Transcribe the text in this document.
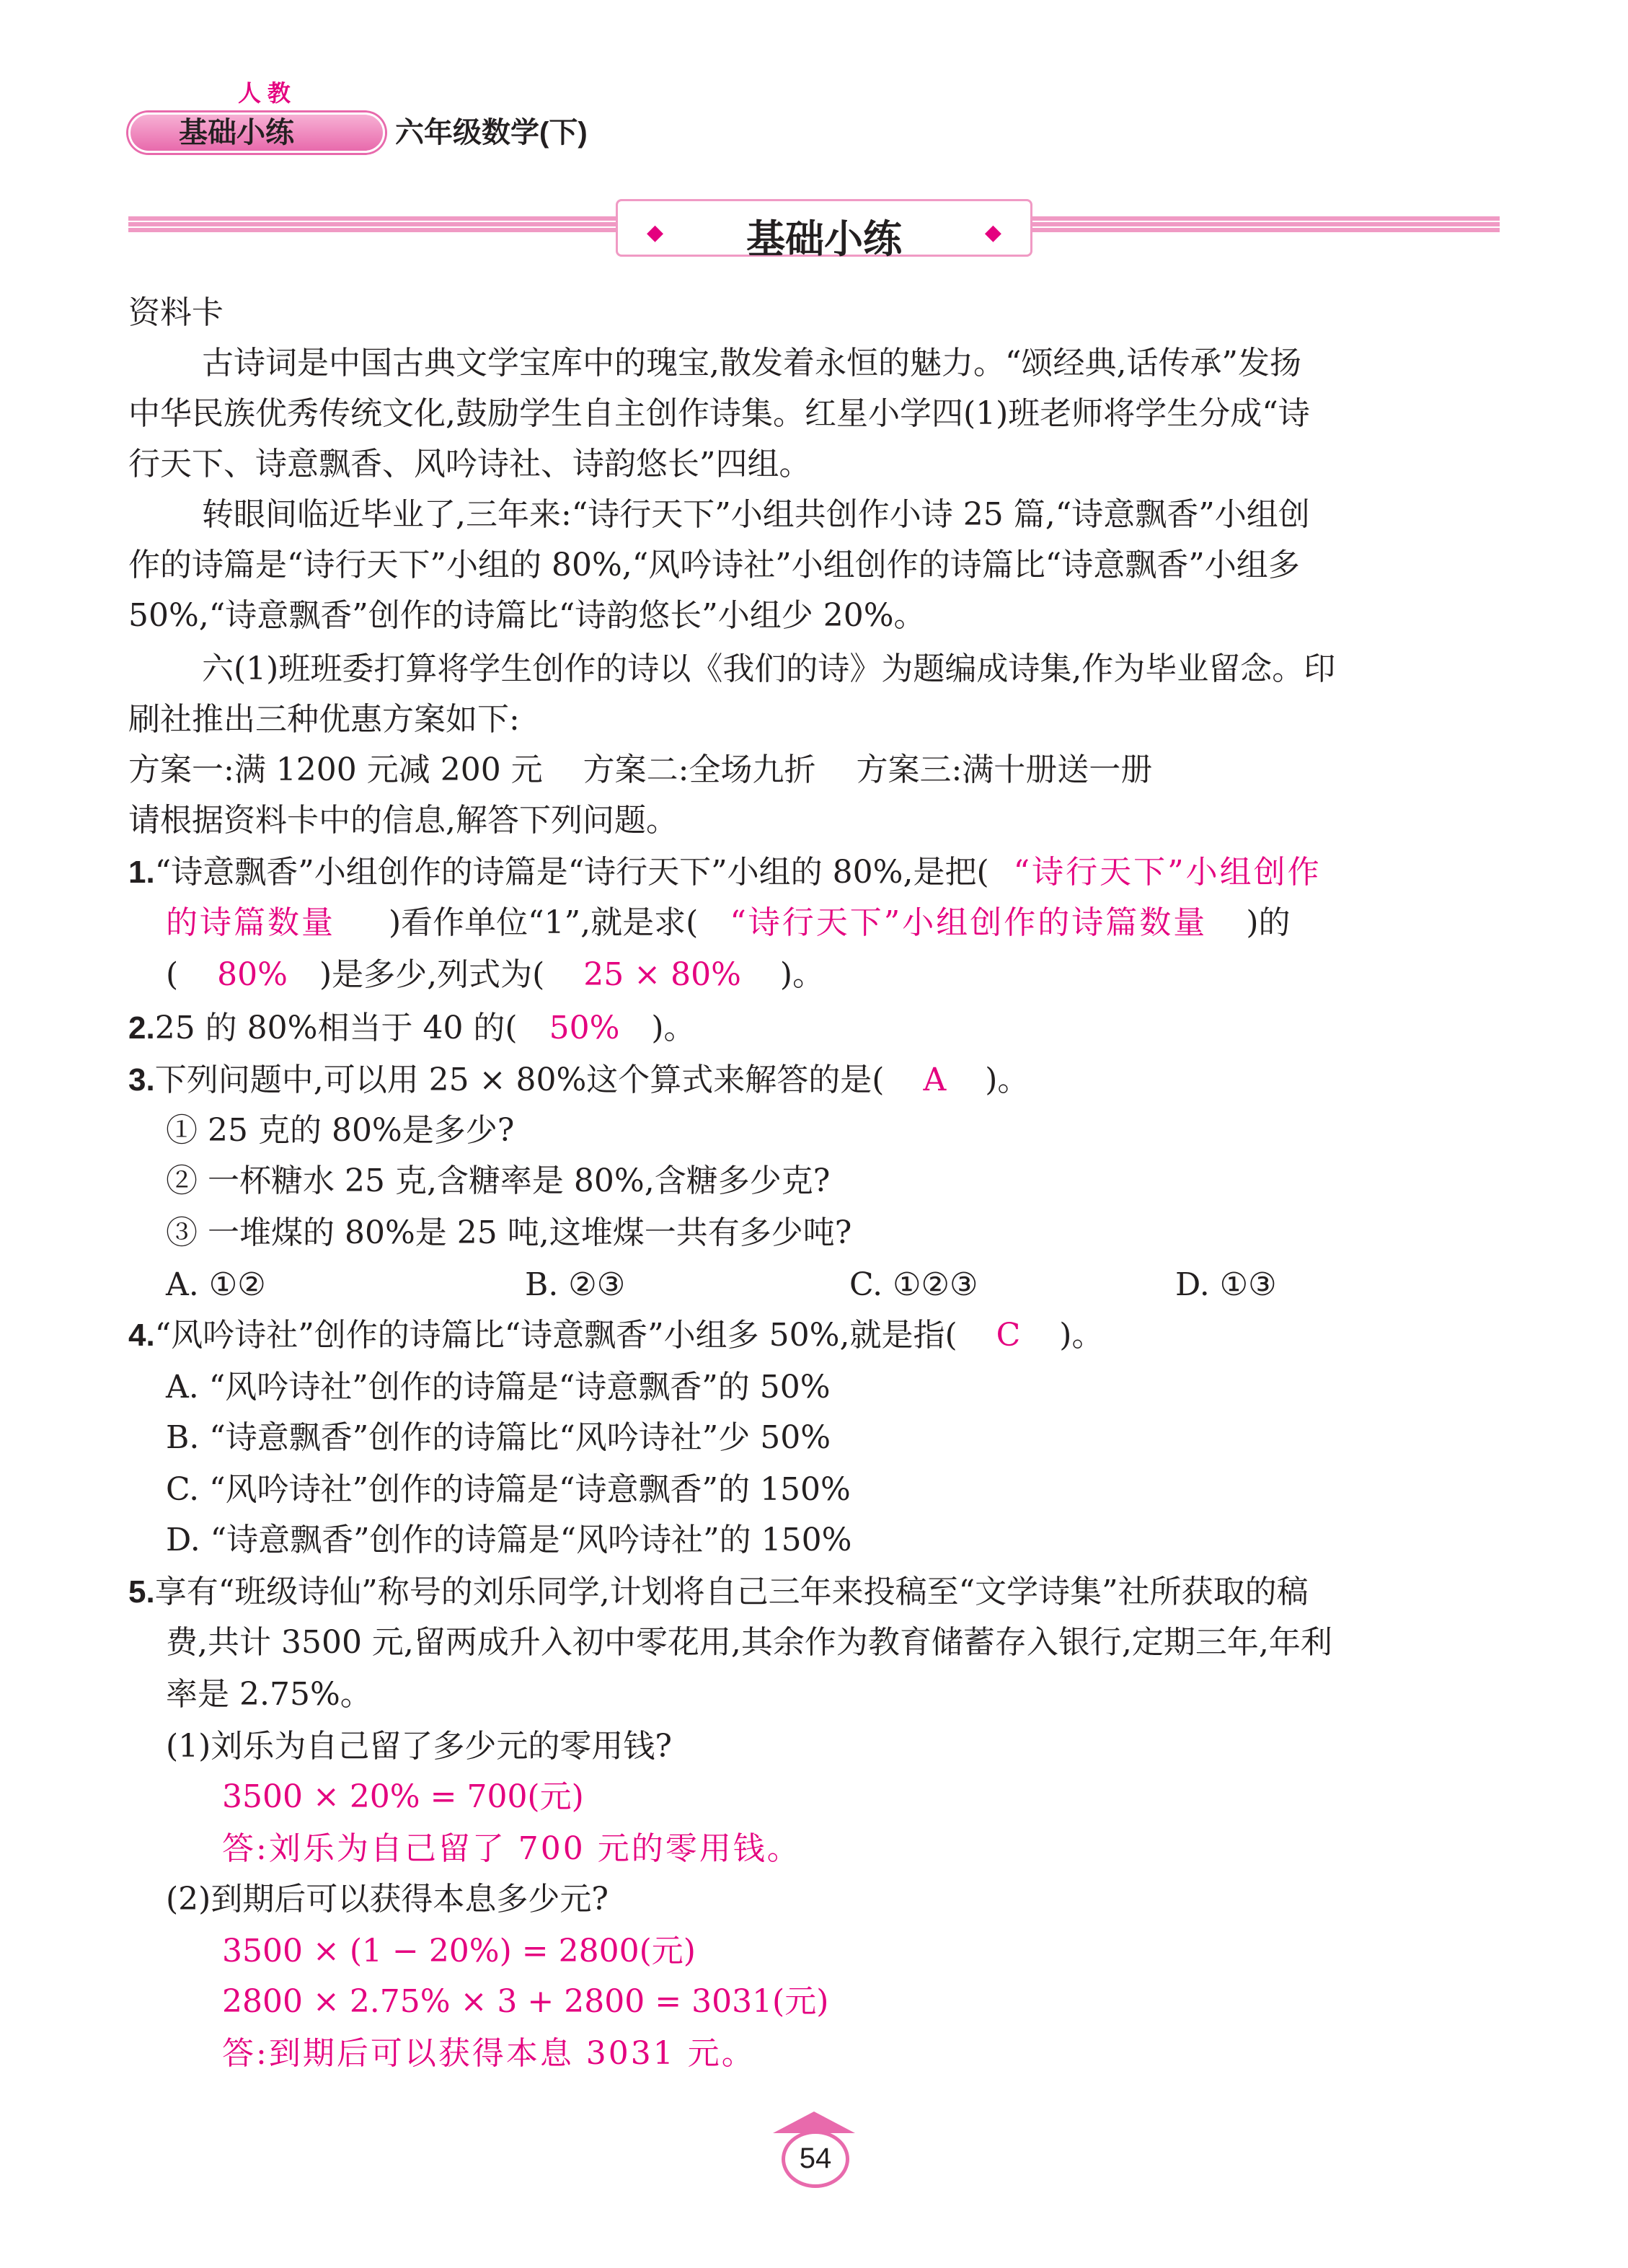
基础小练
人 教
六年级数学(下)
◆	基础小练	◆
资料卡
古诗词是中国古典文学宝库中的瑰宝,散发着永恒的魅力。“颂经典,话传承”发扬
中华民族优秀传统文化,鼓励学生自主创作诗集。红星小学四(1)班老师将学生分成“诗
行天下、诗意飘香、风吟诗社、诗韵悠长”四组。
转眼间临近毕业了,三年来:“诗行天下”小组共创作小诗 25 篇,“诗意飘香”小组创
作的诗篇是“诗行天下”小组的 80%,“风吟诗社”小组创作的诗篇比“诗意飘香”小组多
50%,“诗意飘香”创作的诗篇比“诗韵悠长”小组少 20%。
六(1)班班委打算将学生创作的诗以《我们的诗》为题编成诗集,作为毕业留念。印
刷社推出三种优惠方案如下:
方案一:满 1200 元减 200 元    方案二:全场九折    方案三:满十册送一册
请根据资料卡中的信息,解答下列问题。
1.“诗意飘香”小组创作的诗篇是“诗行天下”小组的 80%,是把( “诗行天下”小组创作
的诗篇数量 )看作单位“1”,就是求( “诗行天下”小组创作的诗篇数量 )的
( 80% )是多少,列式为( 25 × 80% )。
2.25 的 80%相当于 40 的( 50% )。
3.下列问题中,可以用 25 × 80%这个算式来解答的是( A )。
① 25 克的 80%是多少?
② 一杯糖水 25 克,含糖率是 80%,含糖多少克?
③ 一堆煤的 80%是 25 吨,这堆煤一共有多少吨?
A. ①②	B. ②③	C. ①②③	D. ①③
4.“风吟诗社”创作的诗篇比“诗意飘香”小组多 50%,就是指( C )。
A. “风吟诗社”创作的诗篇是“诗意飘香”的 50%
B. “诗意飘香”创作的诗篇比“风吟诗社”少 50%
C. “风吟诗社”创作的诗篇是“诗意飘香”的 150%
D. “诗意飘香”创作的诗篇是“风吟诗社”的 150%
5.享有“班级诗仙”称号的刘乐同学,计划将自己三年来投稿至“文学诗集”社所获取的稿
费,共计 3500 元,留两成升入初中零花用,其余作为教育储蓄存入银行,定期三年,年利
率是 2.75%。
(1)刘乐为自己留了多少元的零用钱?
3500 × 20% = 700(元)
答:刘乐为自己留了 700 元的零用钱。
(2)到期后可以获得本息多少元?
3500 × (1 − 20%) = 2800(元)
2800 × 2.75% × 3 + 2800 = 3031(元)
答:到期后可以获得本息 3031 元。
54
